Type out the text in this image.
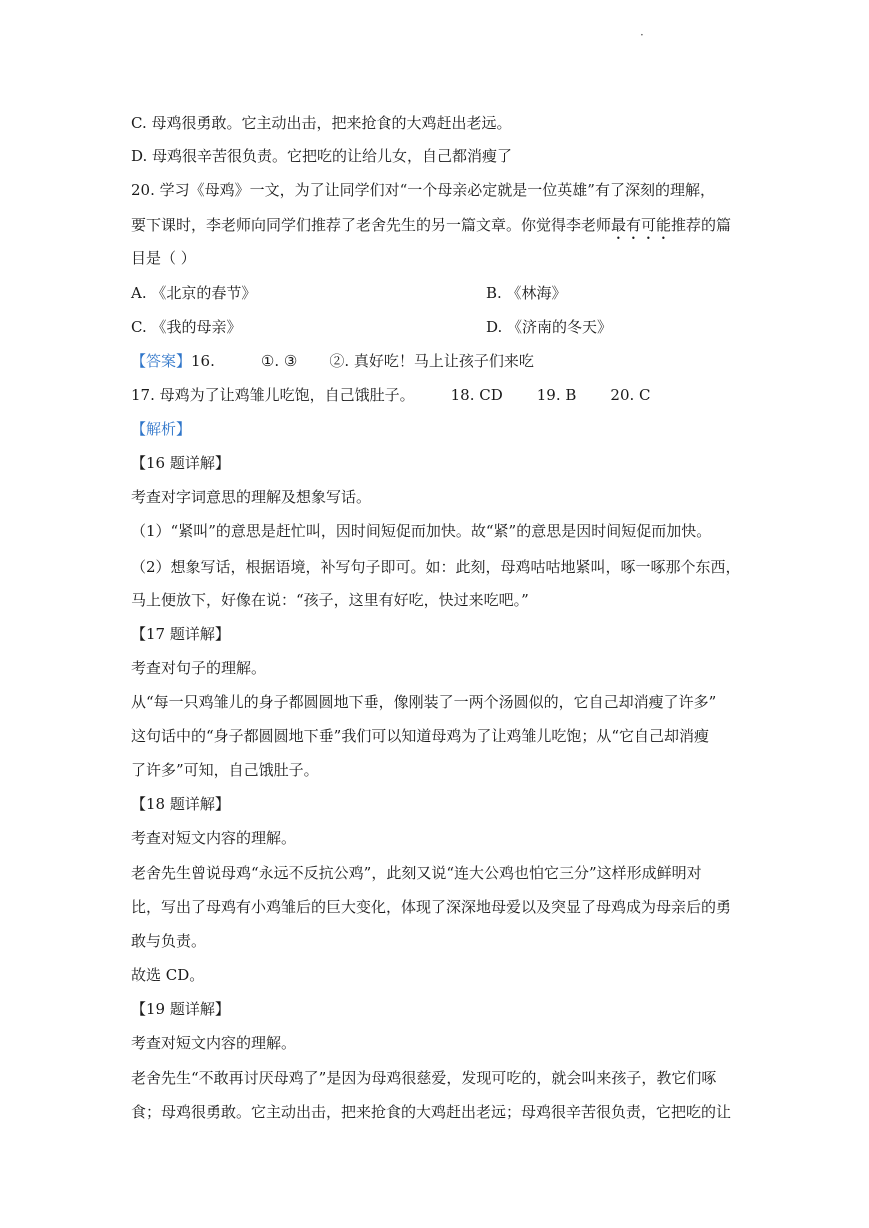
·
C. 母鸡很勇敢。它主动出击，把来抢食的大鸡赶出老远。
D. 母鸡很辛苦很负责。它把吃的让给儿女，自己都消瘦了
20. 学习《母鸡》一文，为了让同学们对“一个母亲必定就是一位英雄”有了深刻的理解，
要下课时，李老师向同学们推荐了老舍先生的另一篇文章。你觉得李老师最有可能推荐的篇
目是（ ）
A. 《北京的春节》	B. 《林海》
C. 《我的母亲》	D. 《济南的冬天》
【答案】16.	①. ③ ②. 真好吃！马上让孩子们来吃
17. 母鸡为了让鸡雏儿吃饱，自己饿肚子。 18. CD 19. B 20. C
【解析】
【16 题详解】
考查对字词意思的理解及想象写话。
（1）“紧叫”的意思是赶忙叫，因时间短促而加快。故“紧”的意思是因时间短促而加快。
（2）想象写话，根据语境，补写句子即可。如：此刻，母鸡咕咕地紧叫，啄一啄那个东西，
马上便放下，好像在说：“孩子，这里有好吃，快过来吃吧。”
【17 题详解】
考查对句子的理解。
从“每一只鸡雏儿的身子都圆圆地下垂，像刚装了一两个汤圆似的，它自己却消瘦了许多”
这句话中的“身子都圆圆地下垂”我们可以知道母鸡为了让鸡雏儿吃饱；从“它自己却消瘦
了许多”可知，自己饿肚子。
【18 题详解】
考查对短文内容的理解。
老舍先生曾说母鸡“永远不反抗公鸡”，此刻又说“连大公鸡也怕它三分”这样形成鲜明对
比，写出了母鸡有小鸡雏后的巨大变化，体现了深深地母爱以及突显了母鸡成为母亲后的勇
敢与负责。
故选 CD。
【19 题详解】
考查对短文内容的理解。
老舍先生“不敢再讨厌母鸡了”是因为母鸡很慈爱，发现可吃的，就会叫来孩子，教它们啄
食；母鸡很勇敢。它主动出击，把来抢食的大鸡赶出老远；母鸡很辛苦很负责，它把吃的让
